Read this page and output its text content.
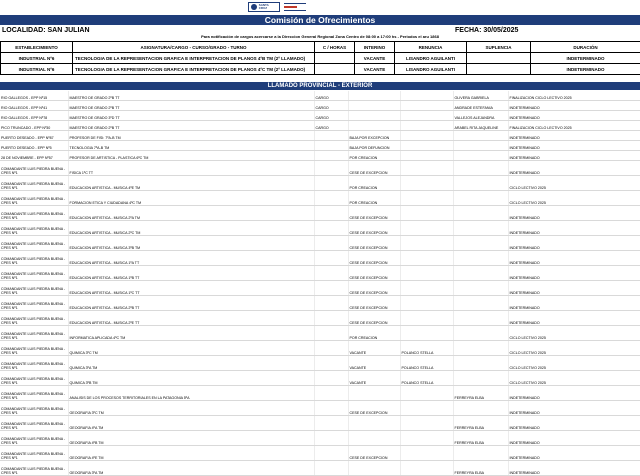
SANTA CRUZ
Comisión de Ofrecimientos
LOCALIDAD: SAN JULIAN	FECHA: 30/05/2025
Para notificación de cargos acercarse a la Direccion General Regional Zona Centro de 08:00 a 17:00 hs - Periodos el aru 1868
ESTABLECIMIENTO	ASIGNATURA/CARGO - CURSO/GRADO - TURNO	C / HORAS	INTERINO	RENUNCIA	SUPLENCIA	DURACIÓN
INDUSTRIAL Nº6	TECNOLOGIA DE LA REPRESENTACION GRAFICA E INTERPRETACION DE PLANOS 4ºB TM (2º LLAMADO)		VACANTE	LISANDRO AGUILANTI		INDETERMINADO
INDUSTRIAL Nº6	TECNOLOGIA DE LA REPRESENTACION GRAFICA E INTERPRETACION DE PLANOS 4ºC TM (2º LLAMADO)		VACANTE	LISANDRO AGUILANTI		INDETERMINADO
LLAMADO PROVINCIAL - EXTERIOR
RIO GALLEGOS - EPP Nº15	MAESTRO DE GRADO 2ºB TT	CARGO			OLIVERA GABRIELA	FINALIZACION CICLO LECTIVO 2025
RIO GALLEGOS - EPP Nº41	MAESTRO DE GRADO 2ºB TT	CARGO			ANDRADE ESTEFANIA	INDETERMINADO
RIO GALLEGOS - EPP Nº78	MAESTRO DE GRADO 3ºD TT	CARGO			VALLEJOS ALEJANDRA	INDETERMINADO
PICO TRUNCADO - EPP Nº30	MAESTRO DE GRADO 2ºB TT	CARGO			ARABEL RITA JAQUELINE	FINALIZACION CICLO LECTIVO 2025
PUERTO DESEADO - EPP Nº87	PROFESOR DE FISI: 7ºA-B TM		BAJA POR EXCEPCION			INDETERMINADO
PUERTO DESEADO - EPP Nº5	TECNOLOGIA 7ºA-B TM		BAJA POR DEFUNCION			INDETERMINADO
28 DE NOVIEMBRE - EPP Nº57	PROFESOR DE ARTISTICA - PLASTICA 6ºC TM		POR CREACION			INDETERMINADO
COMANDANTE LUIS PIEDRA BUENA - CPES Nº1	FISICA 1ºC TT		CESE DE EXCEPCION			INDETERMINADO
COMANDANTE LUIS PIEDRA BUENA - CPES Nº1	EDUCACION ARTISTICA - MUSICA 4ºE TM		POR CREACION			CICLO LECTIVO 2025
COMANDANTE LUIS PIEDRA BUENA - CPES Nº1	FORMACION ETICA Y CIUDADANA 4ºC TM		POR CREACION			CICLO LECTIVO 2025
COMANDANTE LUIS PIEDRA BUENA - CPES Nº1	EDUCACION ARTISTICA - MUSICA 2ºA TM		CESE DE EXCEPCION			INDETERMINADO
COMANDANTE LUIS PIEDRA BUENA - CPES Nº1	EDUCACION ARTISTICA - MUSICA 2ºC TM		CESE DE EXCEPCION			INDETERMINADO
COMANDANTE LUIS PIEDRA BUENA - CPES Nº1	EDUCACION ARTISTICA - MUSICA 3ºB TM		CESE DE EXCEPCION			INDETERMINADO
COMANDANTE LUIS PIEDRA BUENA - CPES Nº1	EDUCACION ARTISTICA - MUSICA 1ºA TT		CESE DE EXCEPCION			INDETERMINADO
COMANDANTE LUIS PIEDRA BUENA - CPES Nº1	EDUCACION ARTISTICA - MUSICA 1ºB TT		CESE DE EXCEPCION			INDETERMINADO
COMANDANTE LUIS PIEDRA BUENA - CPES Nº1	EDUCACION ARTISTICA - MUSICA 1ºC TT		CESE DE EXCEPCION			INDETERMINADO
COMANDANTE LUIS PIEDRA BUENA - CPES Nº1	EDUCACION ARTISTICA - MUSICA 2ºB TT		CESE DE EXCEPCION			INDETERMINADO
COMANDANTE LUIS PIEDRA BUENA - CPES Nº1	EDUCACION ARTISTICA - MUSICA 2ºE TT		CESE DE EXCEPCION			INDETERMINADO
COMANDANTE LUIS PIEDRA BUENA - CPES Nº1	INFORMATICA APLICADA 4ºC TM		POR CREACION			CICLO LECTIVO 2025
COMANDANTE LUIS PIEDRA BUENA - CPES Nº1	QUIMICA 3ºC TM		VACANTE	POLANCO STELLA		CICLO LECTIVO 2025
COMANDANTE LUIS PIEDRA BUENA - CPES Nº1	QUIMICA 3ºA TM		VACANTE	POLANCO STELLA		CICLO LECTIVO 2025
COMANDANTE LUIS PIEDRA BUENA - CPES Nº1	QUIMICA 3ºB TM		VACANTE	POLANCO STELLA		CICLO LECTIVO 2025
COMANDANTE LUIS PIEDRA BUENA - CPES Nº1	ANALISIS DE LOS PROCESOS TERRITORIALES EN LA PATAGONIA 5ºA				FERREYRA ELBA	INDETERMINADO
COMANDANTE LUIS PIEDRA BUENA - CPES Nº1	GEOGRAFIA 3ºC TM		CESE DE EXCEPCION			INDETERMINADO
COMANDANTE LUIS PIEDRA BUENA - CPES Nº1	GEOGRAFIA 4ºA TM				FERREYRA ELBA	INDETERMINADO
COMANDANTE LUIS PIEDRA BUENA - CPES Nº1	GEOGRAFIA 4ºB TM				FERREYRA ELBA	INDETERMINADO
COMANDANTE LUIS PIEDRA BUENA - CPES Nº1	GEOGRAFIA 4ºE TM		CESE DE EXCEPCION			INDETERMINADO
COMANDANTE LUIS PIEDRA BUENA - CPES Nº1	GEOGRAFIA 3ºA TM				FERREYRA ELBA	INDETERMINADO
